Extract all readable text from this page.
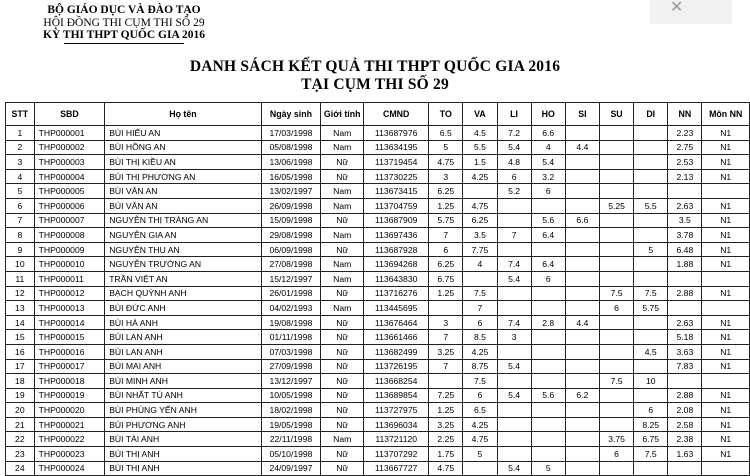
BỘ GIÁO DỤC VÀ ĐÀO TẠO
HỘI ĐỒNG THI CỤM THI SỐ 29
KỲ THI THPT QUỐC GIA 2016
✕
DANH SÁCH KẾT QUẢ THI THPT QUỐC GIA 2016
TẠI CỤM THI SỐ 29
STT	SBD	Họ tên	Ngày sinh	Giới tính	CMND	TO	VA	LI	HO	SI	SU	DI	NN	Môn NN
1	THP000001	BÙI HIẾU AN	17/03/1998	Nam	113687976	6.5	4.5	7.2	6.6				2.23	N1
2	THP000002	BÙI HỒNG AN	05/08/1998	Nam	113634195	5	5.5	5.4	4	4.4			2.75	N1
3	THP000003	BÙI THỊ KIỀU AN	13/06/1998	Nữ	113719454	4.75	1.5	4.8	5.4				2.53	N1
4	THP000004	BÙI THỊ PHƯƠNG AN	16/05/1998	Nữ	113730225	3	4.25	6	3.2				2.13	N1
5	THP000005	BÙI VĂN AN	13/02/1997	Nam	113673415	6.25		5.2	6					
6	THP000006	BÙI VĂN AN	26/09/1998	Nam	113704759	1.25	4.75				5.25	5.5	2.63	N1
7	THP000007	NGUYỄN THỊ TRÀNG AN	15/09/1998	Nữ	113687909	5.75	6.25		5.6	6.6			3.5	N1
8	THP000008	NGUYỄN GIA AN	29/08/1998	Nam	113697436	7	3.5	7	6.4				3.78	N1
9	THP000009	NGUYỄN THU AN	06/09/1998	Nữ	113687928	6	7.75					5	6.48	N1
10	THP000010	NGUYỄN TRƯỜNG AN	27/08/1998	Nam	113694268	6.25	4	7.4	6.4				1.88	N1
11	THP000011	TRẦN VIỆT AN	15/12/1997	Nam	113643830	6.75		5.4	6					
12	THP000012	BẠCH QUỲNH ANH	26/01/1998	Nữ	113716276	1.25	7.5				7.5	7.5	2.88	N1
13	THP000013	BÙI ĐỨC ANH	04/02/1993	Nam	113445695		7				6	5.75		
14	THP000014	BÙI HÀ ANH	19/08/1998	Nữ	113676464	3	6	7.4	2.8	4.4			2.63	N1
15	THP000015	BÙI LAN ANH	01/11/1998	Nữ	113661466	7	8.5	3					5.18	N1
16	THP000016	BÙI LAN ANH	07/03/1998	Nữ	113682499	3.25	4.25					4.5	3.63	N1
17	THP000017	BÙI MAI ANH	27/09/1998	Nữ	113726195	7	8.75	5.4					7.83	N1
18	THP000018	BÙI MINH ANH	13/12/1997	Nữ	113668254		7.5				7.5	10		
19	THP000019	BÙI NHẤT TÚ ANH	10/05/1998	Nữ	113689854	7.25	6	5.4	5.6	6.2			2.88	N1
20	THP000020	BÙI PHÙNG YẾN ANH	18/02/1998	Nữ	113727975	1.25	6.5					6	2.08	N1
21	THP000021	BÙI PHƯƠNG ANH	19/05/1998	Nữ	113696034	3.25	4.25					8.25	2.58	N1
22	THP000022	BÙI TÀI ANH	22/11/1998	Nam	113721120	2.25	4.75				3.75	6.75	2.38	N1
23	THP000023	BÙI THỊ ANH	05/10/1998	Nữ	113707292	1.75	5				6	7.5	1.63	N1
24	THP000024	BÙI THỊ ANH	24/09/1997	Nữ	113667727	4.75		5.4	5					
